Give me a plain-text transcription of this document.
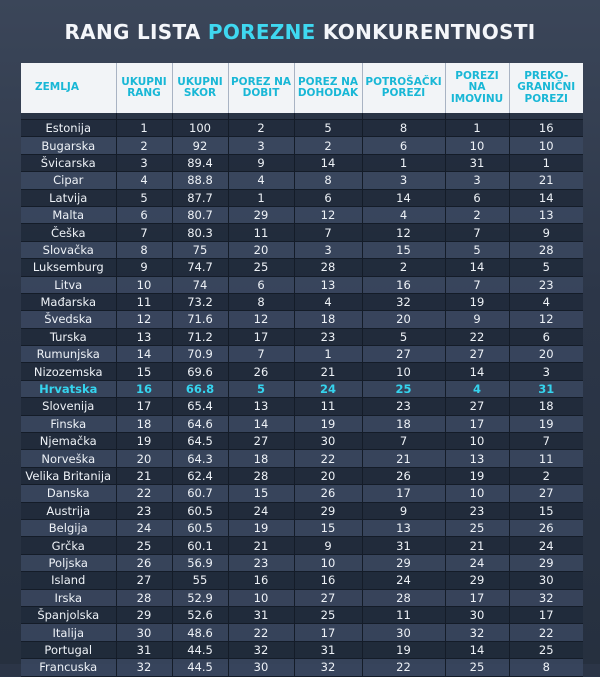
RANG LISTA POREZNE KONKURENTNOSTI
ZEMLJA	UKUPNI RANG	UKUPNI SKOR	POREZ NA DOBIT	POREZ NA DOHODAK	POTROŠAČKI POREZI	POREZI NA IMOVINU	PREKO-GRANIČNI POREZI

Estonija	1	100	2	5	8	1	16
Bugarska	2	92	3	2	6	10	10
Švicarska	3	89.4	9	14	1	31	1
Cipar	4	88.8	4	8	3	3	21
Latvija	5	87.7	1	6	14	6	14
Malta	6	80.7	29	12	4	2	13
Češka	7	80.3	11	7	12	7	9
Slovačka	8	75	20	3	15	5	28
Luksemburg	9	74.7	25	28	2	14	5
Litva	10	74	6	13	16	7	23
Mađarska	11	73.2	8	4	32	19	4
Švedska	12	71.6	12	18	20	9	12
Turska	13	71.2	17	23	5	22	6
Rumunjska	14	70.9	7	1	27	27	20
Nizozemska	15	69.6	26	21	10	14	3
Hrvatska	16	66.8	5	24	25	4	31
Slovenija	17	65.4	13	11	23	27	18
Finska	18	64.6	14	19	18	17	19
Njemačka	19	64.5	27	30	7	10	7
Norveška	20	64.3	18	22	21	13	11
Velika Britanija	21	62.4	28	20	26	19	2
Danska	22	60.7	15	26	17	10	27
Austrija	23	60.5	24	29	9	23	15
Belgija	24	60.5	19	15	13	25	26
Grčka	25	60.1	21	9	31	21	24
Poljska	26	56.9	23	10	29	24	29
Island	27	55	16	16	24	29	30
Irska	28	52.9	10	27	28	17	32
Španjolska	29	52.6	31	25	11	30	17
Italija	30	48.6	22	17	30	32	22
Portugal	31	44.5	32	31	19	14	25
Francuska	32	44.5	30	32	22	25	8
